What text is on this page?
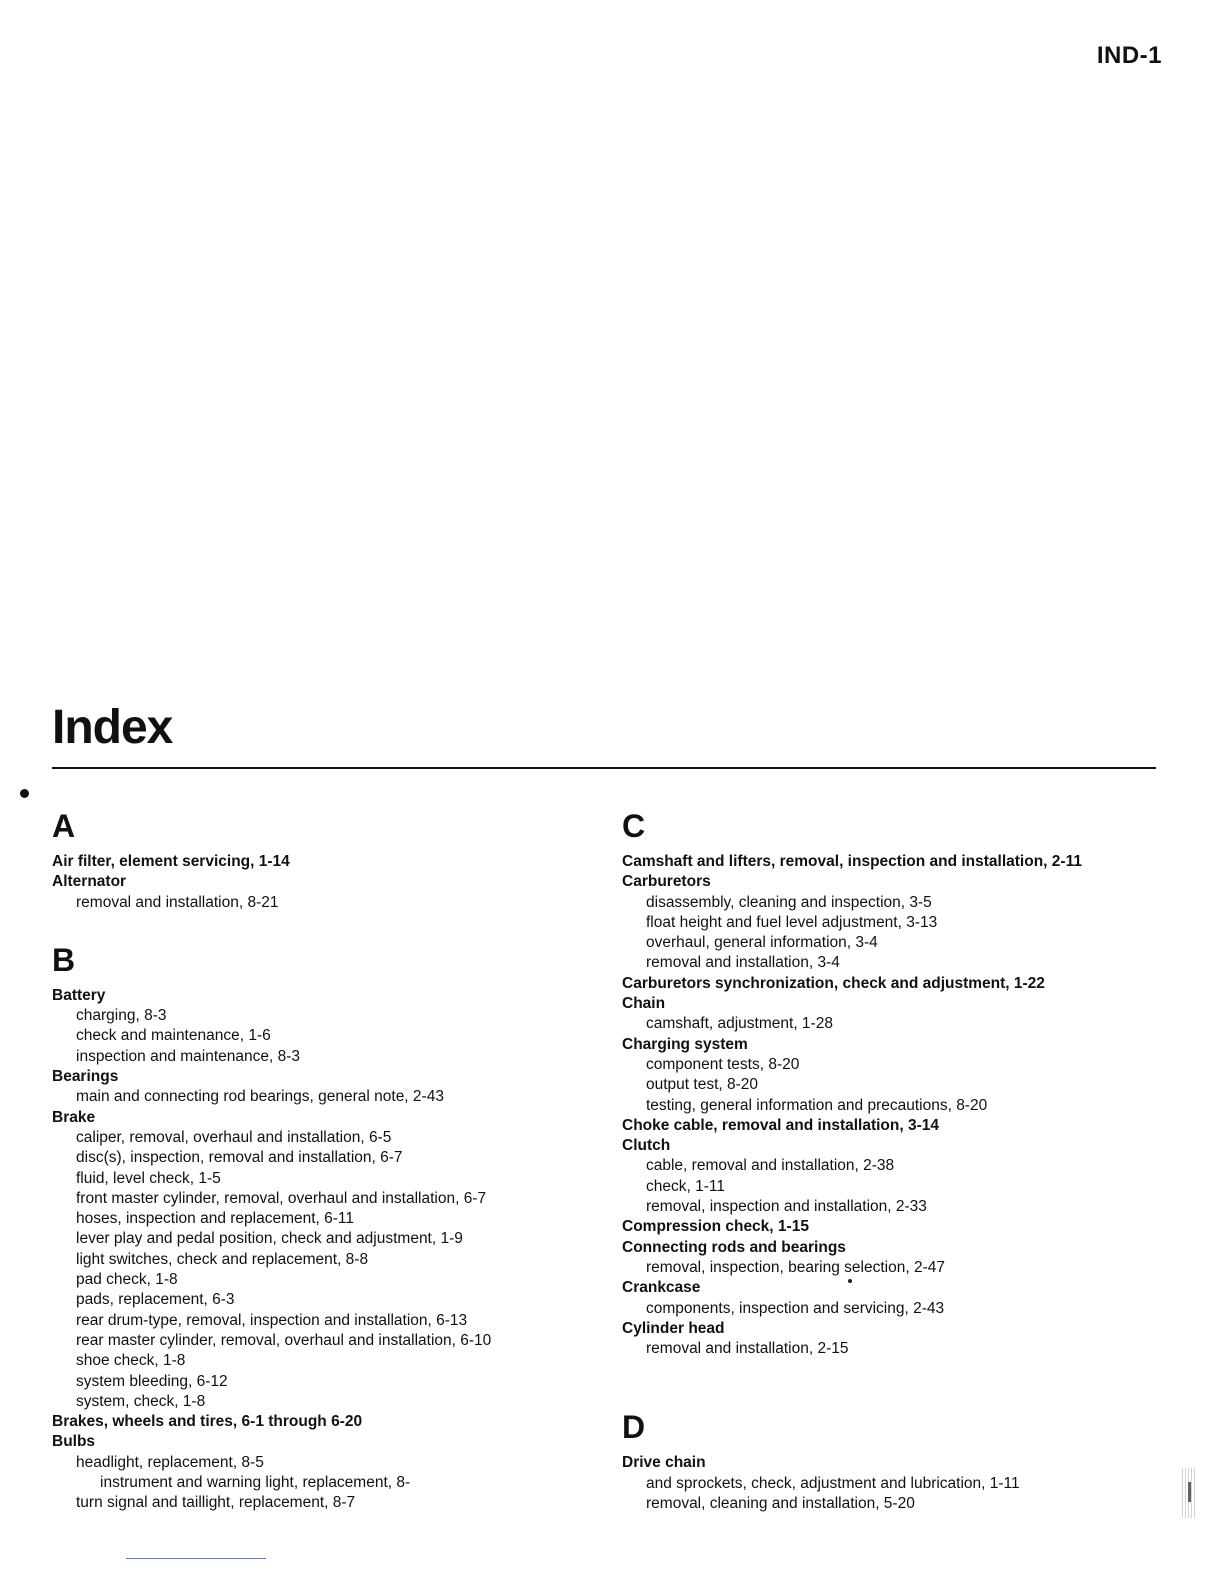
IND-1
Index
A
Air filter, element servicing, 1-14
Alternator
removal and installation, 8-21
B
Battery
charging, 8-3
check and maintenance, 1-6
inspection and maintenance, 8-3
Bearings
main and connecting rod bearings, general note, 2-43
Brake
caliper, removal, overhaul and installation, 6-5
disc(s), inspection, removal and installation, 6-7
fluid, level check, 1-5
front master cylinder, removal, overhaul and installation, 6-7
hoses, inspection and replacement, 6-11
lever play and pedal position, check and adjustment, 1-9
light switches, check and replacement, 8-8
pad check, 1-8
pads, replacement, 6-3
rear drum-type, removal, inspection and installation, 6-13
rear master cylinder, removal, overhaul and installation, 6-10
shoe check, 1-8
system bleeding, 6-12
system, check, 1-8
Brakes, wheels and tires, 6-1 through 6-20
Bulbs
headlight, replacement, 8-5
instrument and warning light, replacement, 8-
turn signal and taillight, replacement, 8-7
C
Camshaft and lifters, removal, inspection and installation, 2-11
Carburetors
disassembly, cleaning and inspection, 3-5
float height and fuel level adjustment, 3-13
overhaul, general information, 3-4
removal and installation, 3-4
Carburetors synchronization, check and adjustment, 1-22
Chain
camshaft, adjustment, 1-28
Charging system
component tests, 8-20
output test, 8-20
testing, general information and precautions, 8-20
Choke cable, removal and installation, 3-14
Clutch
cable, removal and installation, 2-38
check, 1-11
removal, inspection and installation, 2-33
Compression check, 1-15
Connecting rods and bearings
removal, inspection, bearing selection, 2-47
Crankcase
components, inspection and servicing, 2-43
Cylinder head
removal and installation, 2-15
D
Drive chain
and sprockets, check, adjustment and lubrication, 1-11
removal, cleaning and installation, 5-20
